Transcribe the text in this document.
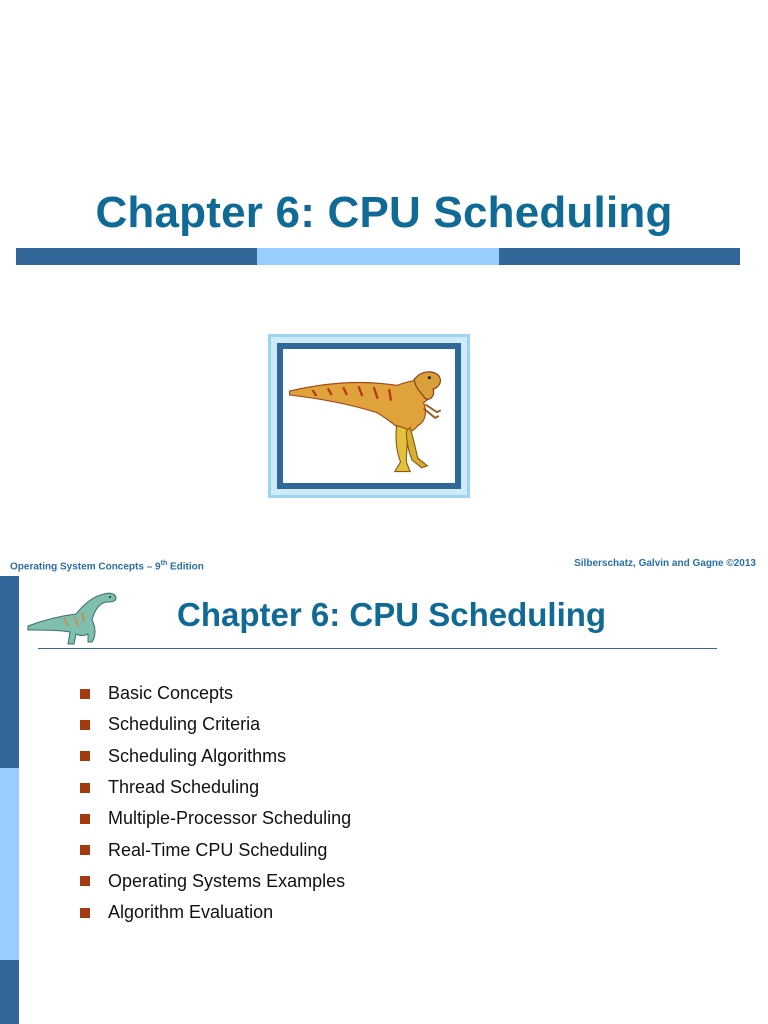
Chapter 6: CPU Scheduling
Operating System Concepts – 9th Edition	Silberschatz, Galvin and Gagne ©2013
Chapter 6: CPU Scheduling
Basic Concepts
Scheduling Criteria
Scheduling Algorithms
Thread Scheduling
Multiple-Processor Scheduling
Real-Time CPU Scheduling
Operating Systems Examples
Algorithm Evaluation
